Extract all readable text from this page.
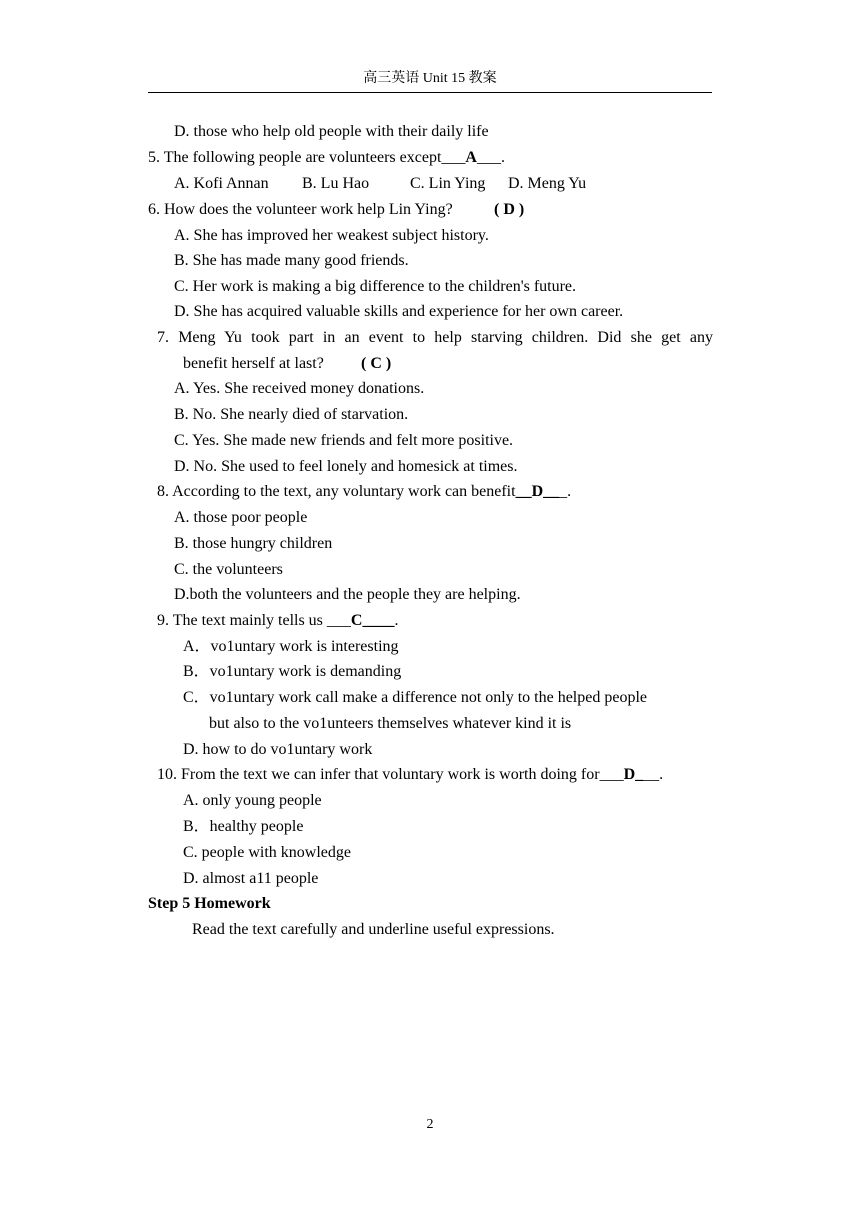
高三英语 Unit 15 教案
D. those who help old people with their daily life
5. The following people are volunteers except___A___.
A. Kofi Annan B. Lu Hao	C. Lin Ying D. Meng Yu
6. How does the volunteer work help Lin Ying?	( D )
A. She has improved her weakest subject history.
B. She has made many good friends.
C. Her work is making a big difference to the children's future.
D. She has acquired valuable skills and experience for her own career.
7. Meng Yu took part in an event to help starving children. Did she get any
benefit herself at last? ( C )
A. Yes. She received money donations.
B. No. She nearly died of starvation.
C. Yes. She made new friends and felt more positive.
D. No. She used to feel lonely and homesick at times.
8. According to the text, any voluntary work can benefit__D___.
A. those poor people
B. those hungry children
C. the volunteers
D.both the volunteers and the people they are helping.
9. The text mainly tells us ___C____.
A．vo1untary work is interesting
B．vo1untary work is demanding
C．vo1untary work call make a difference not only to the helped people
but also to the vo1unteers themselves whatever kind it is
D. how to do vo1untary work
10. From the text we can infer that voluntary work is worth doing for___D___.
A. only young people
B．healthy people
C. people with knowledge
D. almost a11 people
Step 5 Homework
Read the text carefully and underline useful expressions.
2
